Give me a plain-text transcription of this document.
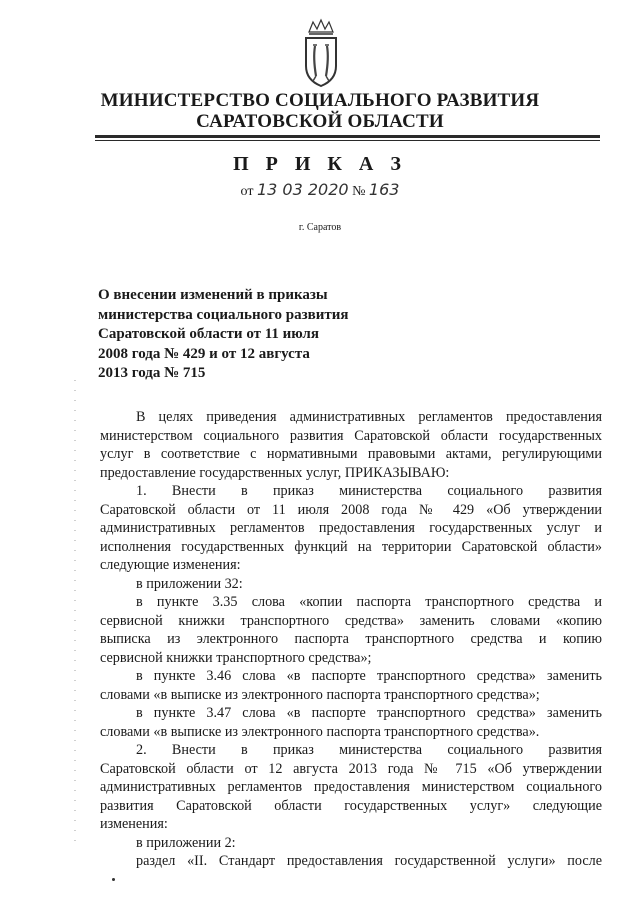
МИНИСТЕРСТВО СОЦИАЛЬНОГО РАЗВИТИЯ
САРАТОВСКОЙ ОБЛАСТИ
П Р И К А З
от 13 03 2020 № 163
г. Саратов
О внесении изменений в приказы
министерства социального развития
Саратовской области от 11 июля
2008 года № 429 и от 12 августа
2013 года № 715

В целях приведения административных регламентов предоставления

министерством социального развития Саратовской области государственных

услуг в соответствие с нормативными правовыми актами, регулирующими

предоставление государственных услуг, ПРИКАЗЫВАЮ:

1. Внести в приказ министерства социального развития

Саратовской области от 11 июля 2008 года № 429 «Об утверждении

административных регламентов предоставления государственных услуг и

исполнения государственных функций на территории Саратовской области»

следующие изменения:

в приложении 32:

в пункте 3.35 слова «копии паспорта транспортного средства и

сервисной книжки транспортного средства» заменить словами «копию

выписка из электронного паспорта транспортного средства и копию

сервисной книжки транспортного средства»;

в пункте 3.46 слова «в паспорте транспортного средства» заменить

словами «в выписке из электронного паспорта транспортного средства»;

в пункте 3.47 слова «в паспорте транспортного средства» заменить

словами «в выписке из электронного паспорта транспортного средства».

2. Внести в приказ министерства социального развития

Саратовской области от 12 августа 2013 года № 715 «Об утверждении

административных регламентов предоставления министерством социального

развития Саратовской области государственных услуг» следующие

изменения:

в приложении 2:

раздел «II. Стандарт предоставления государственной услуги» после
